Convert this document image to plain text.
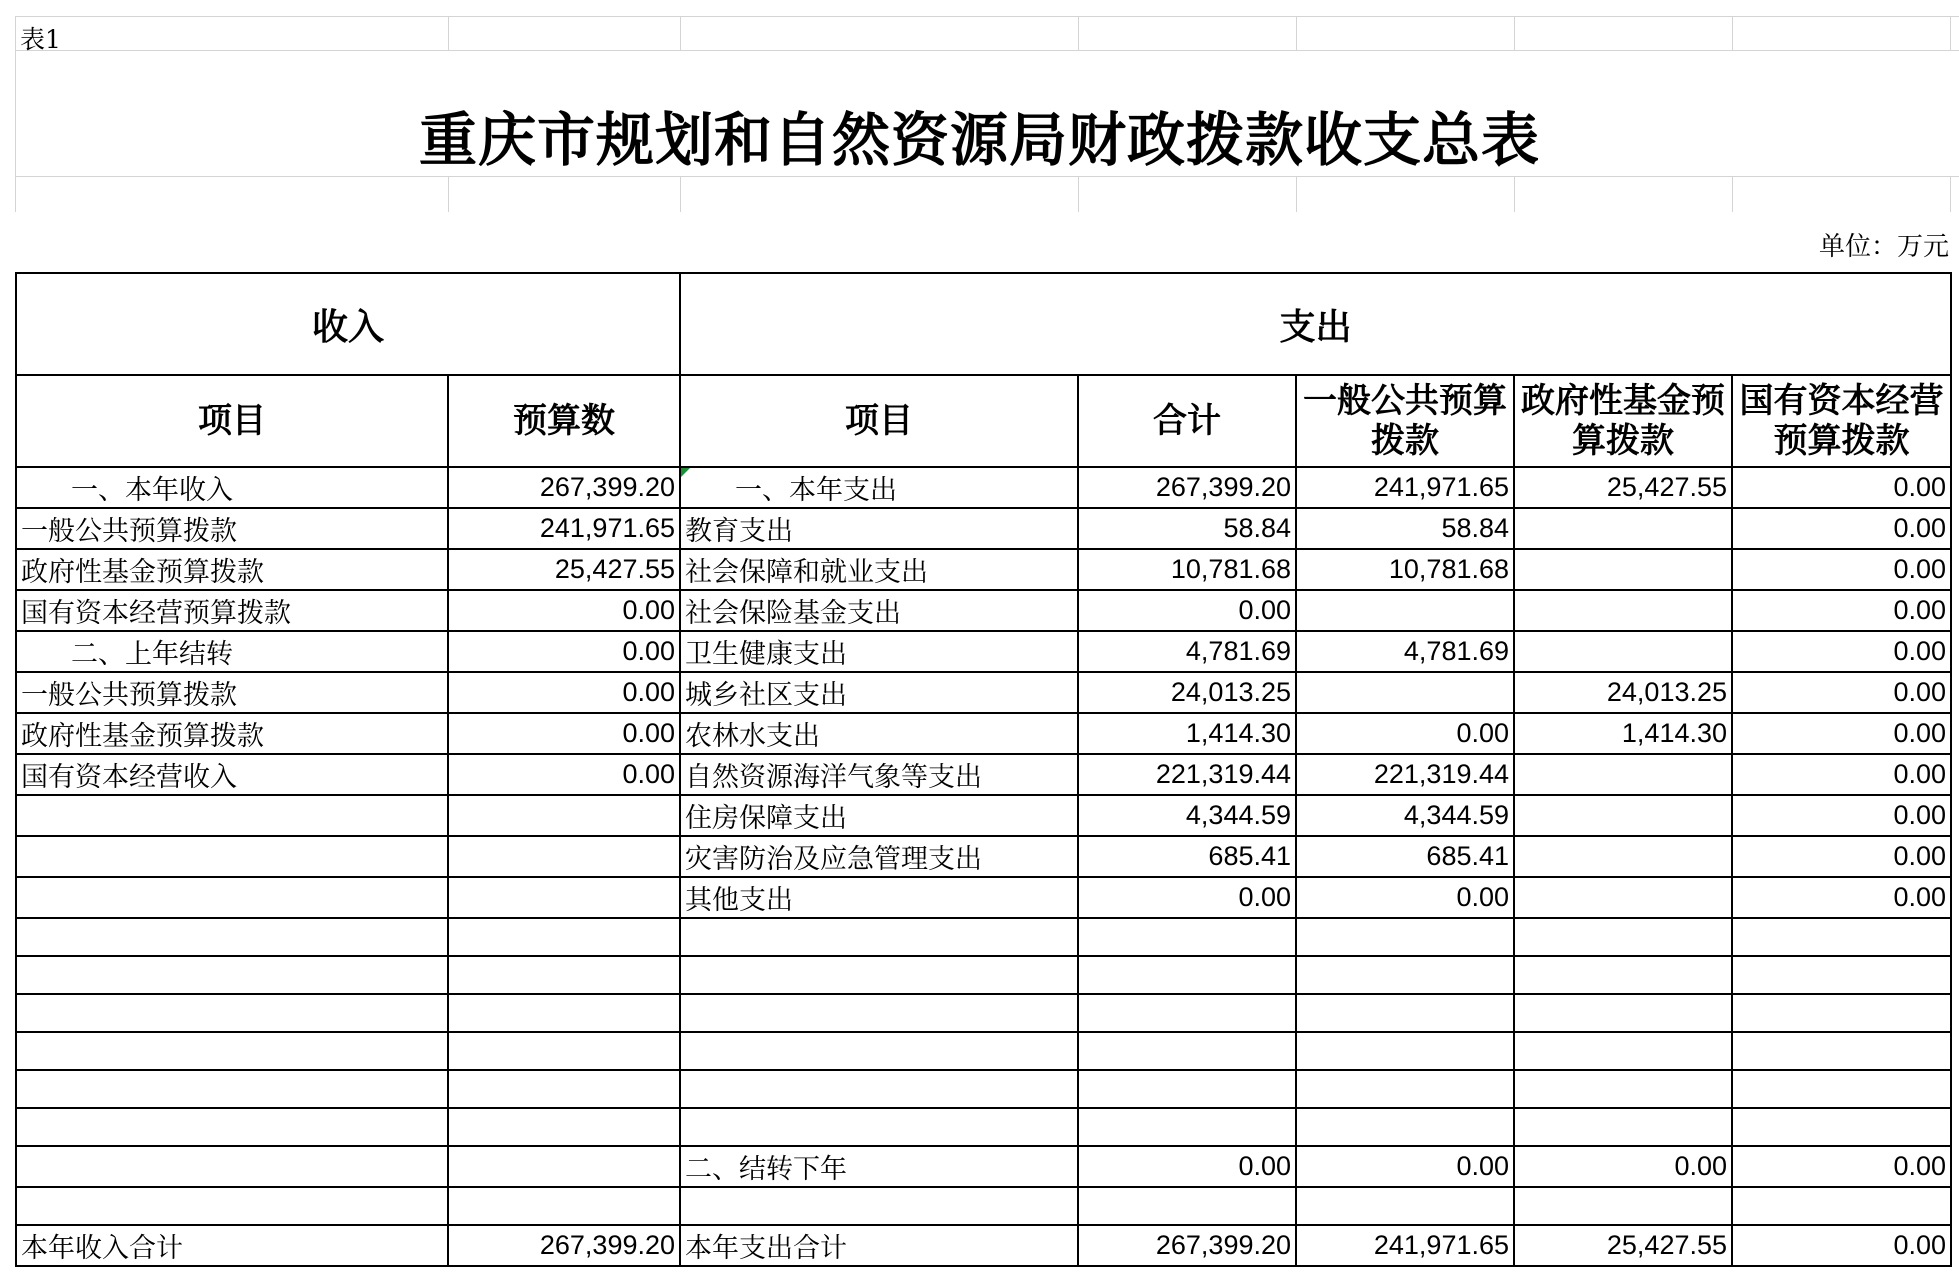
表1
重庆市规划和自然资源局财政拨款收支总表
单位：万元
收入		支出				
项目	预算数	项目	合计	一般公共预算拨款	政府性基金预算拨款	国有资本经营预算拨款
一、本年收入	267,399.20	一、本年支出	267,399.20	241,971.65	25,427.55	0.00
一般公共预算拨款	241,971.65	教育支出	58.84	58.84		0.00
政府性基金预算拨款	25,427.55	社会保障和就业支出	10,781.68	10,781.68		0.00
国有资本经营预算拨款	0.00	社会保险基金支出	0.00			0.00
二、上年结转	0.00	卫生健康支出	4,781.69	4,781.69		0.00
一般公共预算拨款	0.00	城乡社区支出	24,013.25		24,013.25	0.00
政府性基金预算拨款	0.00	农林水支出	1,414.30	0.00	1,414.30	0.00
国有资本经营收入	0.00	自然资源海洋气象等支出	221,319.44	221,319.44		0.00
		住房保障支出	4,344.59	4,344.59		0.00
		灾害防治及应急管理支出	685.41	685.41		0.00
		其他支出	0.00	0.00		0.00

		二、结转下年	0.00	0.00	0.00	0.00

本年收入合计	267,399.20	本年支出合计	267,399.20	241,971.65	25,427.55	0.00
